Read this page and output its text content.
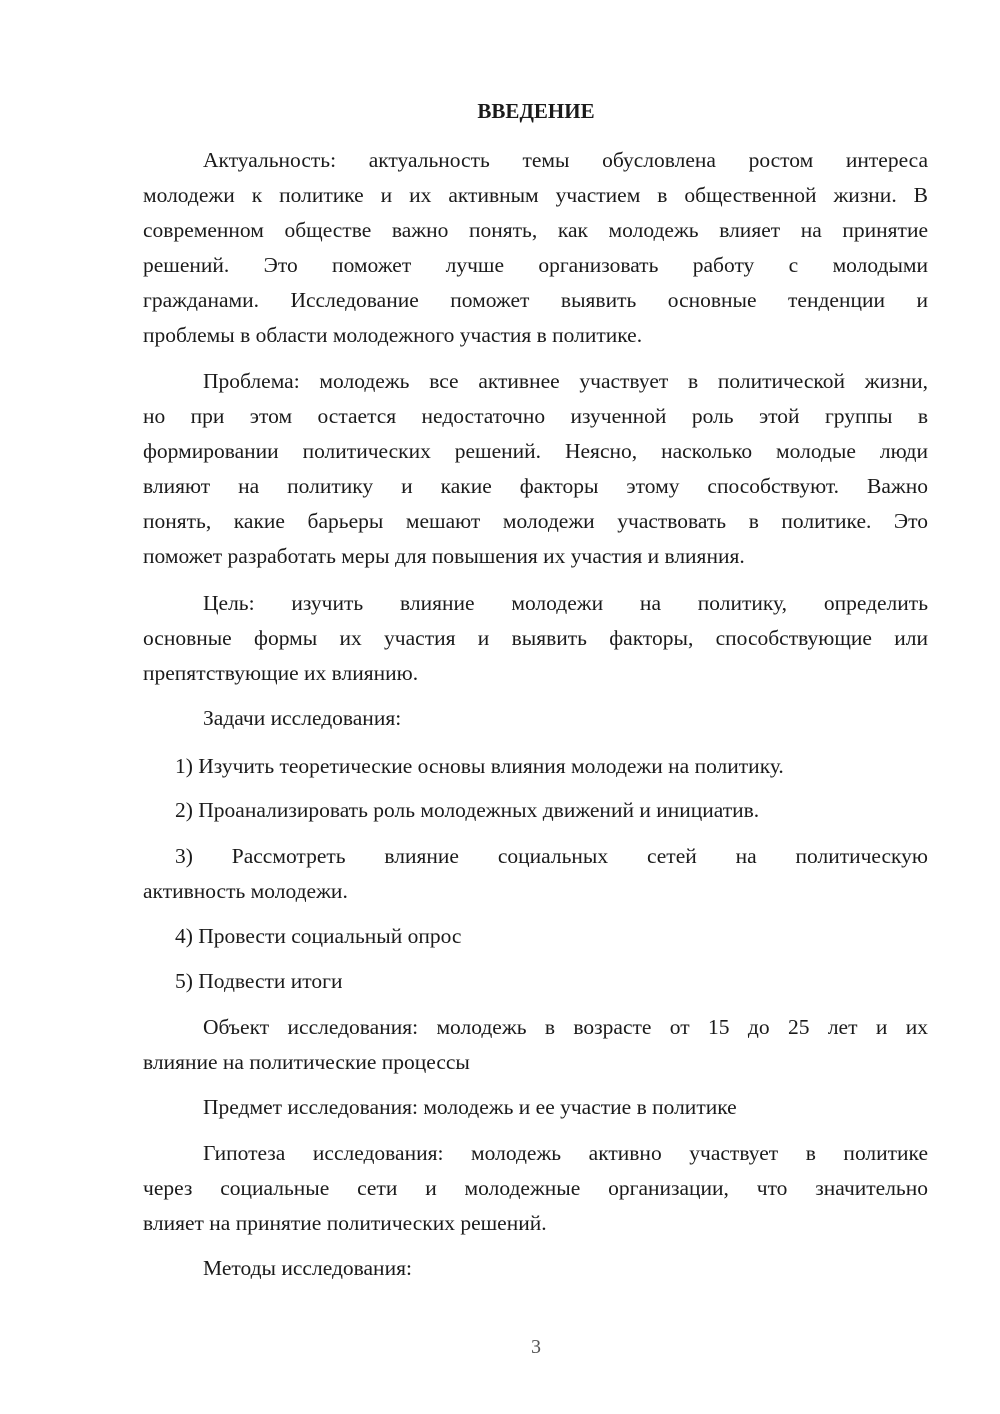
ВВЕДЕНИЕ
Актуальность: актуальность темы обусловлена ростом интереса
молодежи к политике и их активным участием в общественной жизни. В
современном обществе важно понять, как молодежь влияет на принятие
решений. Это поможет лучше организовать работу с молодыми
гражданами. Исследование поможет выявить основные тенденции и
проблемы в области молодежного участия в политике.
Проблема: молодежь все активнее участвует в политической жизни,
но при этом остается недостаточно изученной роль этой группы в
формировании политических решений. Неясно, насколько молодые люди
влияют на политику и какие факторы этому способствуют. Важно
понять, какие барьеры мешают молодежи участвовать в политике. Это
поможет разработать меры для повышения их участия и влияния.
Цель: изучить влияние молодежи на политику, определить
основные формы их участия и выявить факторы, способствующие или
препятствующие их влиянию.
Задачи исследования:
1) Изучить теоретические основы влияния молодежи на политику.
2) Проанализировать роль молодежных движений и инициатив.
3) Рассмотреть влияние социальных сетей на политическую
активность молодежи.
4) Провести социальный опрос
5) Подвести итоги
Объект исследования: молодежь в возрасте от 15 до 25 лет и их
влияние на политические процессы
Предмет исследования: молодежь и ее участие в политике
Гипотеза исследования: молодежь активно участвует в политике
через социальные сети и молодежные организации, что значительно
влияет на принятие политических решений.
Методы исследования:
3
